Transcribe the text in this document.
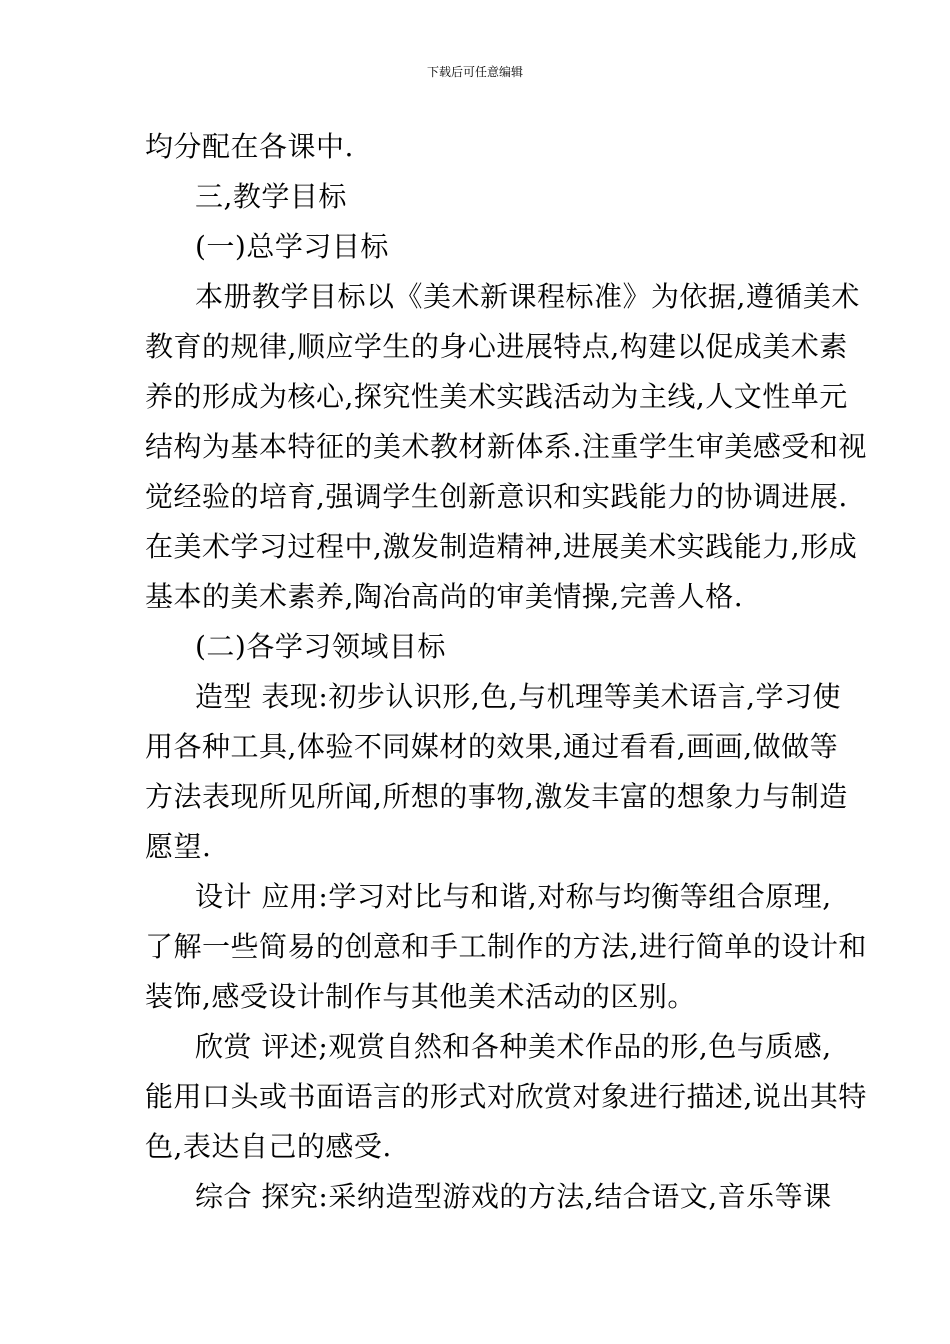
下载后可任意编辑

均分配在各课中.

三,教学目标

(一)总学习目标

本册教学目标以《美术新课程标准》为依据,遵循美术

教育的规律,顺应学生的身心进展特点,构建以促成美术素

养的形成为核心,探究性美术实践活动为主线,人文性单元

结构为基本特征的美术教材新体系.注重学生审美感受和视

觉经验的培育,强调学生创新意识和实践能力的协调进展.

在美术学习过程中,激发制造精神,进展美术实践能力,形成

基本的美术素养,陶冶高尚的审美情操,完善人格.

(二)各学习领域目标

造型 表现:初步认识形,色,与机理等美术语言,学习使

用各种工具,体验不同媒材的效果,通过看看,画画,做做等

方法表现所见所闻,所想的事物,激发丰富的想象力与制造

愿望.

设计 应用:学习对比与和谐,对称与均衡等组合原理,

了解一些简易的创意和手工制作的方法,进行简单的设计和

装饰,感受设计制作与其他美术活动的区别。

欣赏 评述;观赏自然和各种美术作品的形,色与质感,

能用口头或书面语言的形式对欣赏对象进行描述,说出其特

色,表达自己的感受.

综合 探究:采纳造型游戏的方法,结合语文,音乐等课
